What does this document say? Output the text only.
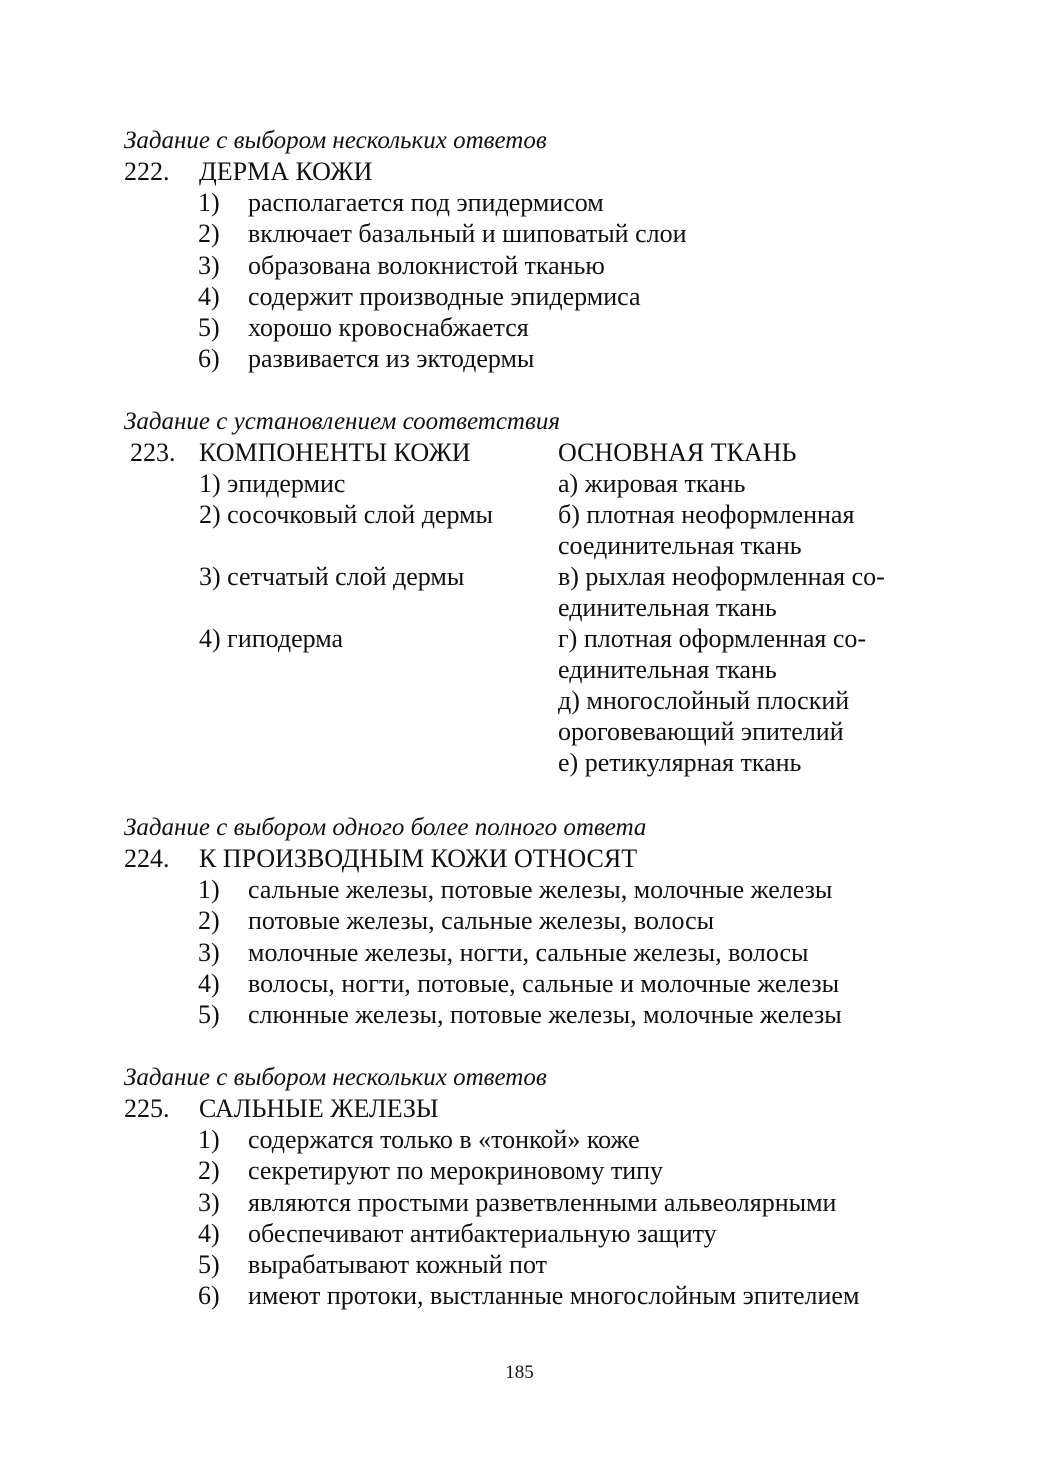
Задание с выбором нескольких ответов
222. ДЕРМА КОЖИ
1) располагается под эпидермисом
2) включает базальный и шиповатый слои
3) образована волокнистой тканью
4) содержит производные эпидермиса
5) хорошо кровоснабжается
6) развивается из эктодермы
Задание с установлением соответствия
223. КОМПОНЕНТЫ КОЖИ	ОСНОВНАЯ ТКАНЬ
1) эпидермис	а) жировая ткань
2) сосочковый слой дермы	б) плотная неоформленная соединительная ткань
3) сетчатый слой дермы	в) рыхлая неоформленная со-единительная ткань
4) гиподерма	г) плотная оформленная со-единительная ткань
д) многослойный плоский ороговевающий эпителий
е) ретикулярная ткань
Задание с выбором одного более полного ответа
224. К ПРОИЗВОДНЫМ КОЖИ ОТНОСЯТ
1) сальные железы, потовые железы, молочные железы
2) потовые железы, сальные железы, волосы
3) молочные железы, ногти, сальные железы, волосы
4) волосы, ногти, потовые, сальные и молочные железы
5) слюнные железы, потовые железы, молочные железы
Задание с выбором нескольких ответов
225. САЛЬНЫЕ ЖЕЛЕЗЫ
1) содержатся только в «тонкой» коже
2) секретируют по мерокриновому типу
3) являются простыми разветвленными альвеолярными
4) обеспечивают антибактериальную защиту
5) вырабатывают кожный пот
6) имеют протоки, выстланные многослойным эпителием
185
